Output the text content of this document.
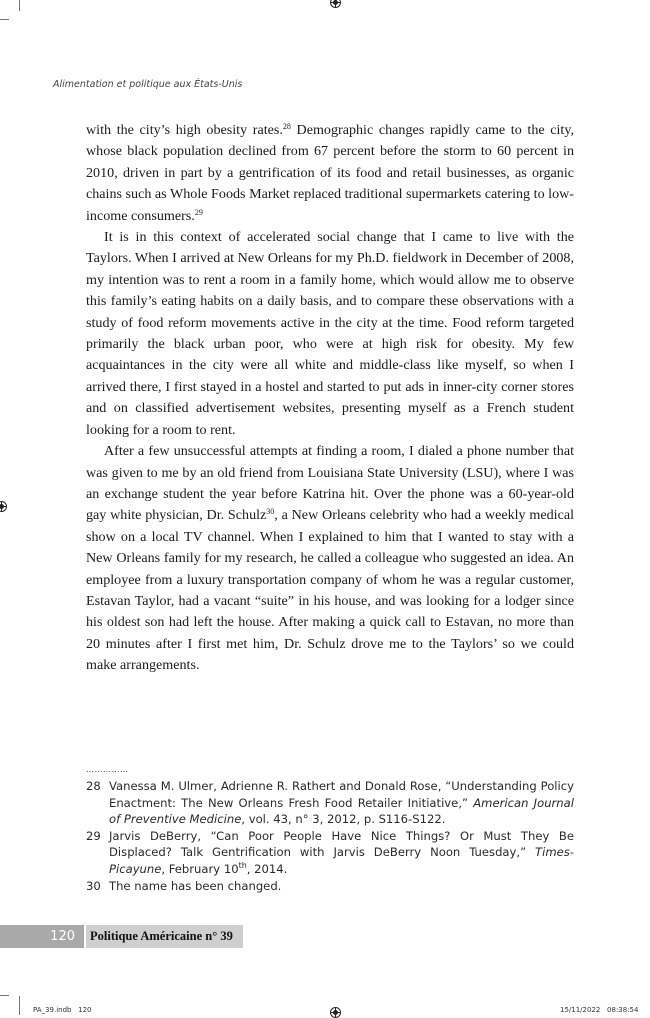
Alimentation et politique aux États-Unis

with the city’s high obesity rates.$^{28}$ Demographic changes rapidly came to the city, whose black population declined from 67 percent before the storm to 60 percent in 2010, driven in part by a gentrification of its food and retail businesses, as organic chains such as Whole Foods Market replaced traditional supermarkets catering to low-income consumers.$^{29}$

It is in this context of accelerated social change that I came to live with the Taylors. When I arrived at New Orleans for my Ph.D. fieldwork in December of 2008, my intention was to rent a room in a family home, which would allow me to observe this family’s eating habits on a daily basis, and to compare these observations with a study of food reform movements active in the city at the time. Food reform targeted primarily the black urban poor, who were at high risk for obesity. My few acquaintances in the city were all white and middle-class like myself, so when I arrived there, I first stayed in a hostel and started to put ads in inner-city corner stores and on classified advertisement websites, presenting myself as a French student looking for a room to rent.

After a few unsuccessful attempts at finding a room, I dialed a phone number that was given to me by an old friend from Louisiana State University (LSU), where I was an exchange student the year before Katrina hit. Over the phone was a 60-year-old gay white physician, Dr. Schulz$^{30}$, a New Orleans celebrity who had a weekly medical show on a local TV channel. When I explained to him that I wanted to stay with a New Orleans family for my research, he called a colleague who suggested an idea. An employee from a luxury transportation company of whom he was a regular customer, Estavan Taylor, had a vacant “suite” in his house, and was looking for a lodger since his oldest son had left the house. After making a quick call to Estavan, no more than 20 minutes after I first met him, Dr. Schulz drove me to the Taylors’ so we could make arrangements.

……………
28 Vanessa M. Ulmer, Adrienne R. Rathert and Donald Rose, “Understanding Policy Enactment: The New Orleans Fresh Food Retailer Initiative,” American Journal of Preventive Medicine, vol. 43, n° 3, 2012, p. S116-S122.
29 Jarvis DeBerry, “Can Poor People Have Nice Things? Or Must They Be Displaced? Talk Gentrification with Jarvis DeBerry Noon Tuesday,” Times-Picayune, February 10th, 2014.
30 The name has been changed.
120	Politique Américaine n° 39
PA_39.indb   120	15/11/2022   08:38:54
